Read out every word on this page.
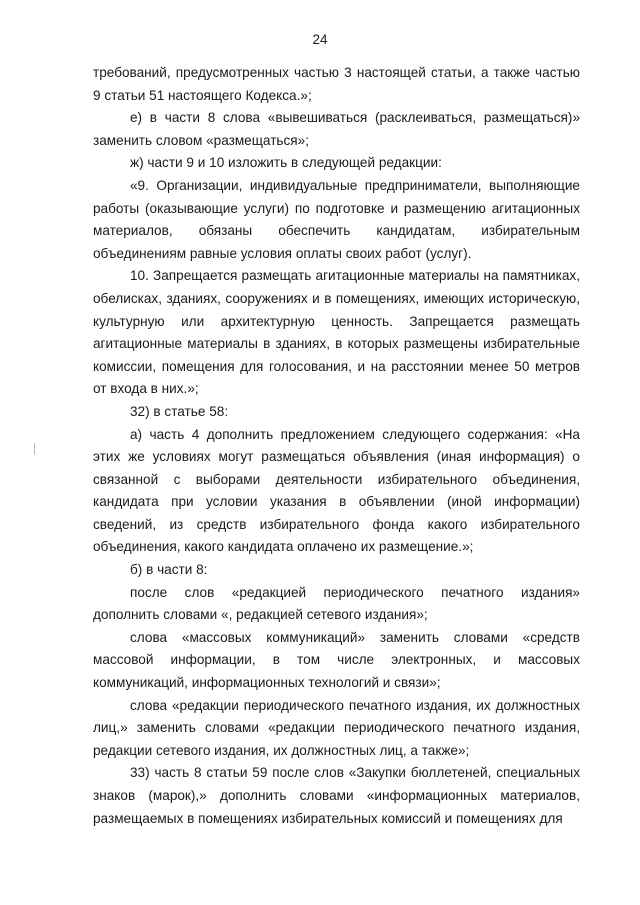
24

требований, предусмотренных частью 3 настоящей статьи, а также частью 9 статьи 51 настоящего Кодекса.»;

е) в части 8 слова «вывешиваться (расклеиваться, размещаться)» заменить словом «размещаться»;

ж) части 9 и 10 изложить в следующей редакции:

«9. Организации, индивидуальные предприниматели, выполняющие работы (оказывающие услуги) по подготовке и размещению агитационных материалов, обязаны обеспечить кандидатам, избирательным объединениям равные условия оплаты своих работ (услуг).

10. Запрещается размещать агитационные материалы на памятниках, обелисках, зданиях, сооружениях и в помещениях, имеющих историческую, культурную или архитектурную ценность. Запрещается размещать агитационные материалы в зданиях, в которых размещены избирательные комиссии, помещения для голосования, и на расстоянии менее 50 метров от входа в них.»;

32) в статье 58:

а) часть 4 дополнить предложением следующего содержания: «На этих же условиях могут размещаться объявления (иная информация) о связанной с выборами деятельности избирательного объединения, кандидата при условии указания в объявлении (иной информации) сведений, из средств избирательного фонда какого избирательного объединения, какого кандидата оплачено их размещение.»;

б) в части 8:

после слов «редакцией периодического печатного издания» дополнить словами «, редакцией сетевого издания»;

слова «массовых коммуникаций» заменить словами «средств массовой информации, в том числе электронных, и массовых коммуникаций, информационных технологий и связи»;

слова «редакции периодического печатного издания, их должностных лиц,» заменить словами «редакции периодического печатного издания, редакции сетевого издания, их должностных лиц, а также»;

33) часть 8 статьи 59 после слов «Закупки бюллетеней, специальных знаков (марок),» дополнить словами «информационных материалов, размещаемых в помещениях избирательных комиссий и помещениях для
